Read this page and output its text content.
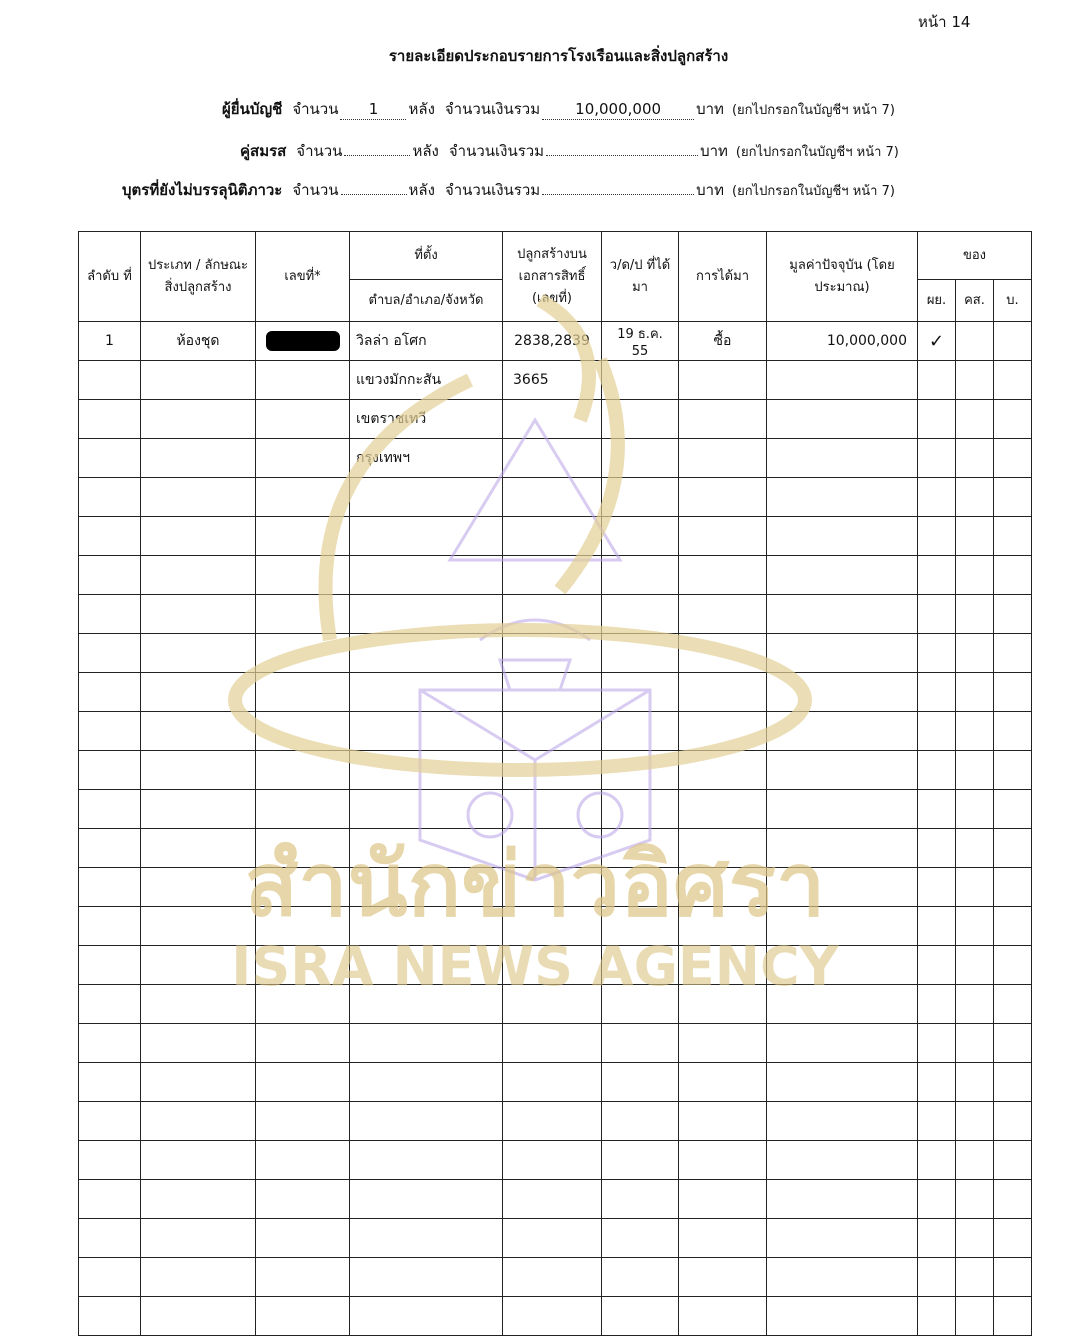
หน้า 14
รายละเอียดประกอบรายการโรงเรือนและสิ่งปลูกสร้าง
ผู้ยื่นบัญชี จำนวน	1	หลัง จำนวนเงินรวม	10,000,000	บาท (ยกไปกรอกในบัญชีฯ หน้า 7)
คู่สมรส จำนวน	หลัง จำนวนเงินรวม	บาท (ยกไปกรอกในบัญชีฯ หน้า 7)
บุตรที่ยังไม่บรรลุนิติภาวะ จำนวน	หลัง จำนวนเงินรวม	บาท (ยกไปกรอกในบัญชีฯ หน้า 7)
ลำดับ ที่	ประเภท / ลักษณะ สิ่งปลูกสร้าง	เลขที่*	ที่ตั้ง	ปลูกสร้างบน เอกสารสิทธิ์ (เลขที่)	ว/ด/ป ที่ได้มา	การได้มา	มูลค่าปัจจุบัน (โดยประมาณ)	ของ		
			ตำบล/อำเภอ/จังหวัด					ผย.	คส.	บ.
1	ห้องชุด		วิลล่า อโศก	2838,2839	19 ธ.ค. 55	ซื้อ	10,000,000	✓		
			แขวงมักกะสัน	3665						
			เขตราชเทวี							
			กรุงเทพฯ							

สำนักข่าวอิศรา
ISRA NEWS AGENCY
